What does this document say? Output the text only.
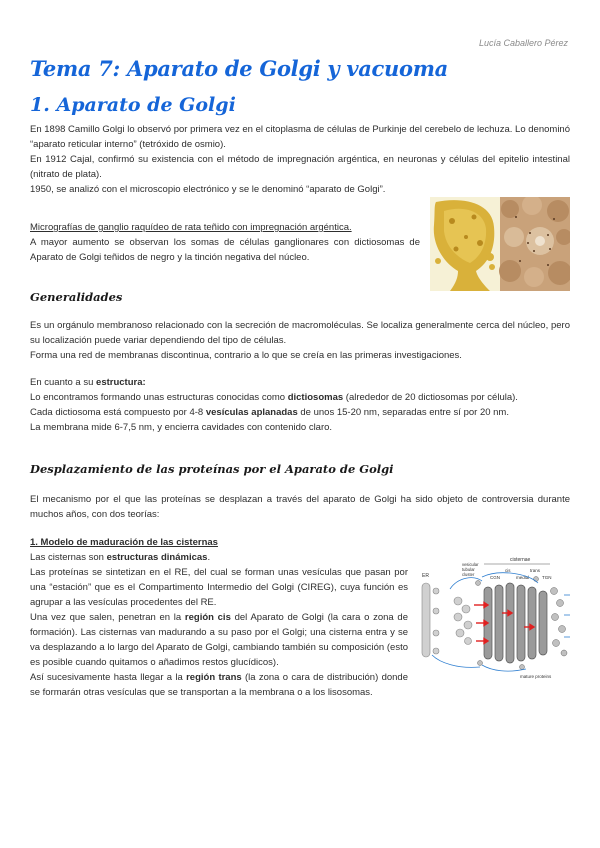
Lucía Caballero Pérez
Tema 7: Aparato de Golgi y vacuoma
1. Aparato de Golgi

En 1898 Camillo Golgi lo observó por primera vez en el citoplasma de células de Purkinje del cerebelo de lechuza. Lo denominó “aparato reticular interno” (tetróxido de osmio).

En 1912 Cajal, confirmó su existencia con el método de impregnación argéntica, en neuronas y células del epitelio intestinal (nitrato de plata).

1950, se analizó con el microscopio electrónico y se le denominó “aparato de Golgi”.

Micrografías de ganglio raquídeo de rata teñido con impregnación argéntica.

A mayor aumento se observan los somas de células ganglionares con dictiosomas de Aparato de Golgi teñidos de negro y la tinción negativa del núcleo.

Generalidades

Es un orgánulo membranoso relacionado con la secreción de macromoléculas. Se localiza generalmente cerca del núcleo, pero su localización puede variar dependiendo del tipo de células.

Forma una red de membranas discontinua, contrario a lo que se creía en las primeras investigaciones.

En cuanto a su estructura:

Lo encontramos formando unas estructuras conocidas como dictiosomas (alrededor de 20 dictiosomas por célula).

Cada dictiosoma está compuesto por 4-8 vesículas aplanadas de unos 15-20 nm, separadas entre sí por 20 nm.

La membrana mide 6-7,5 nm, y encierra cavidades con contenido claro.

Desplazamiento de las proteínas por el Aparato de Golgi

El mecanismo por el que las proteínas se desplazan a través del aparato de Golgi ha sido objeto de controversia durante muchos años, con dos teorías:

1. Modelo de maduración de las cisternas

Las cisternas son estructuras dinámicas.

Las proteínas se sintetizan en el RE, del cual se forman unas vesículas que pasan por una “estación” que es el Compartimento Intermedio del Golgi (CIREG), cuya función es agrupar a las vesículas procedentes del RE.

Una vez que salen, penetran en la región cis del Aparato de Golgi (la cara o zona de formación). Las cisternas van madurando a su paso por el Golgi; una cisterna entra y se va desplazando a lo largo del Aparato de Golgi, cambiando también su composición (esto es posible cuando quitamos o añadimos restos glucídicos).

Así sucesivamente hasta llegar a la región trans (la zona o cara de distribución) donde se formarán otras vesículas que se transportan a la membrana o a los lisosomas.

cisternae
ER
vesicular
tubular
cluster
CGN
cis
medial
trans
TGN
mature proteins
